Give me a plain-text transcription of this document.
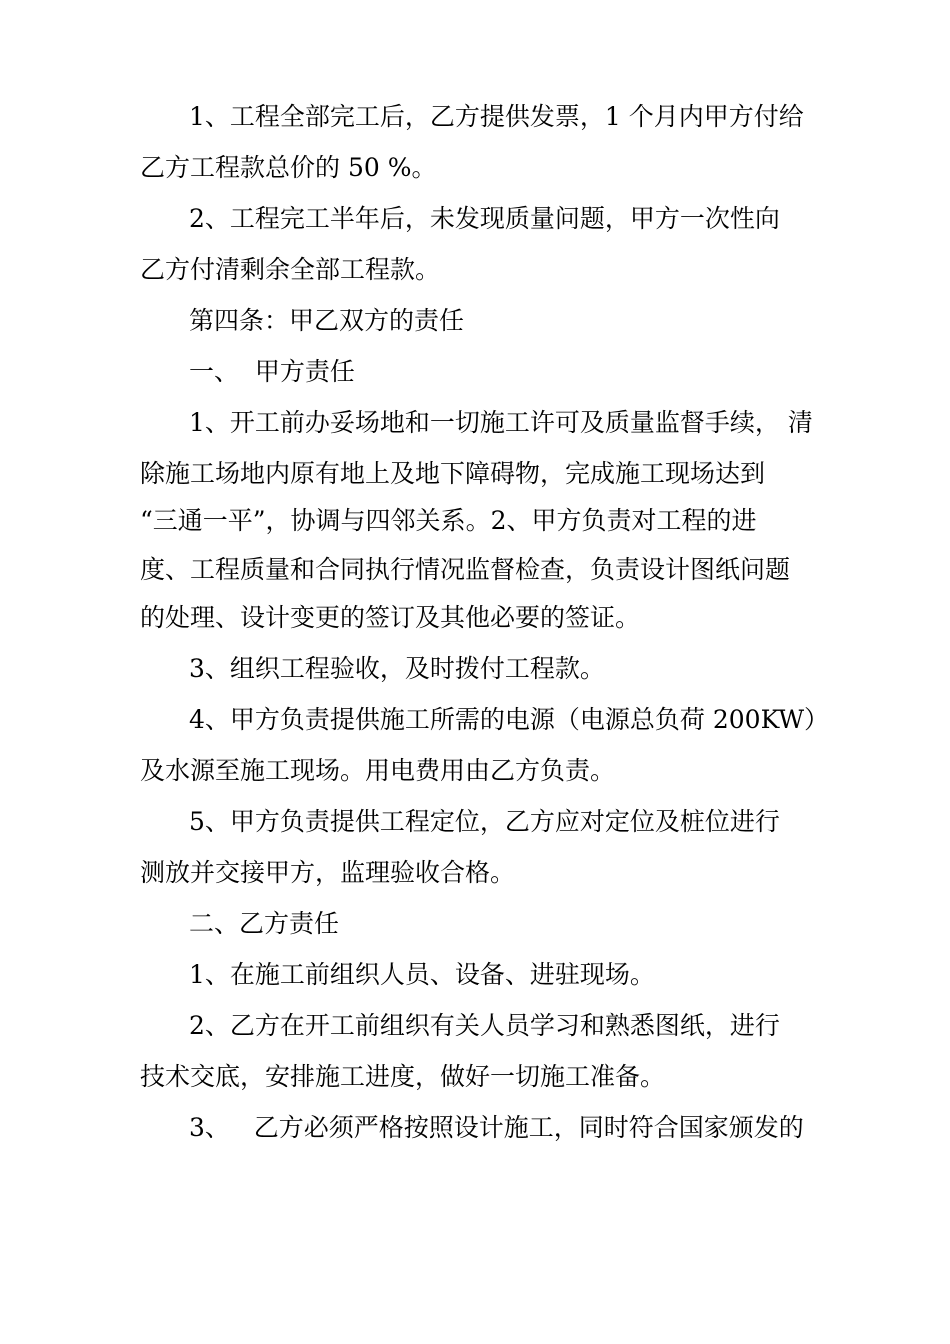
1、工程全部完工后，乙方提供发票，1 个月内甲方付给
乙方工程款总价的 50 %。
2、工程完工半年后，未发现质量问题，甲方一次性向
乙方付清剩余全部工程款。
第四条：甲乙双方的责任
一、  甲方责任
1、开工前办妥场地和一切施工许可及质量监督手续， 清
除施工场地内原有地上及地下障碍物，完成施工现场达到
“三通一平”，协调与四邻关系。2、甲方负责对工程的进
度、工程质量和合同执行情况监督检查，负责设计图纸问题
的处理、设计变更的签订及其他必要的签证。
3、组织工程验收，及时拨付工程款。
4、甲方负责提供施工所需的电源（电源总负荷 200KW）
及水源至施工现场。用电费用由乙方负责。
5、甲方负责提供工程定位，乙方应对定位及桩位进行
测放并交接甲方，监理验收合格。
二、乙方责任
1、在施工前组织人员、设备、进驻现场。
2、乙方在开工前组织有关人员学习和熟悉图纸，进行
技术交底，安排施工进度，做好一切施工准备。
3、   乙方必须严格按照设计施工，同时符合国家颁发的
